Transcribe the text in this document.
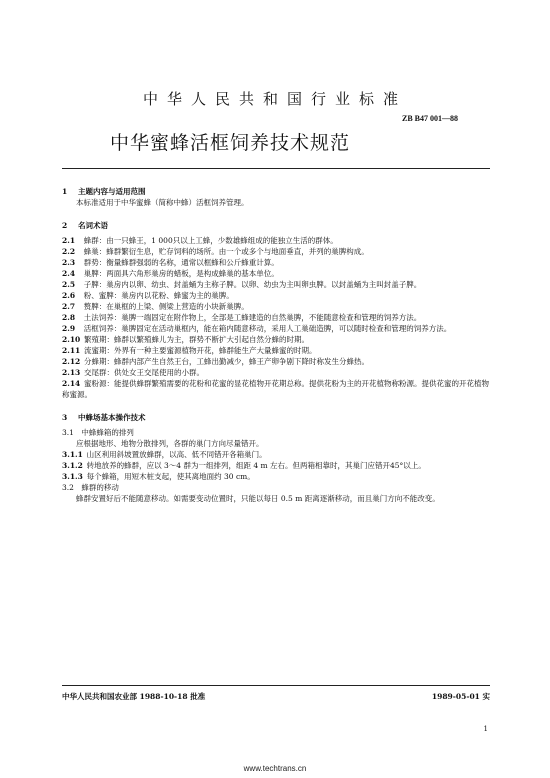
中华人民共和国行业标准
ZB B47 001—88
中华蜜蜂活框饲养技术规范
1 主题内容与适用范围

本标准适用于中华蜜蜂（简称中蜂）活框饲养管理。

2 名词术语

2.1  蜂群：由一只蜂王，1 000只以上工蜂，少数雄蜂组成的能独立生活的群体。

2.2  蜂巢：蜂群繁衍生息，贮存饲料的场所。由一个或多个与地面垂直，并列的巢脾构成。

2.3  群势：衡量蜂群强弱的名称，通常以框蜂和公斤蜂重计算。

2.4  巢脾：两面具六角形巢房的蜡板，是构成蜂巢的基本单位。

2.5  子脾：巢房内以卵、幼虫、封盖蛹为主称子脾。以卵、幼虫为主叫卵虫脾。以封盖蛹为主叫封盖子脾。

2.6  粉、蜜脾：巢房内以花粉、蜂蜜为主的巢脾。

2.7  赘脾：在巢框的上梁、侧梁上营造的小块新巢脾。

2.8  土法饲养：巢脾一端固定在附作物上，全部是工蜂建造的自然巢脾，不能随意检查和管理的饲养方法。

2.9  活框饲养：巢脾固定在活动巢框内，能在箱内随意移动，采用人工巢础造脾，可以随时检查和管理的饲养方法。

2.10  繁殖期：蜂群以繁殖蜂儿为主，群势不断扩大引起自然分蜂的时期。

2.11  流蜜期：外界有一种主要蜜源植物开花，蜂群能生产大量蜂蜜的时期。

2.12  分蜂期：蜂群内部产生自然王台，工蜂出勤减少，蜂王产卵争剧下降时称发生分蜂热。

2.13  交尾群：供处女王交尾使用的小群。

2.14  蜜粉源：能提供蜂群繁殖需要的花粉和花蜜的显花植物开花期总称。提供花粉为主的开花植物称粉源。提供花蜜的开花植物称蜜源。

3 中蜂场基本操作技术

3.1　中蜂蜂箱的排列

应根据地形、地物分散排列，各群的巢门方向尽量错开。

3.1.1  山区利用斜坡置放蜂群，以高、低不同错开各箱巢门。

3.1.2  转地放养的蜂群，应以 3～4 群为一组排列，组距 4 m 左右。但两箱相靠时，其巢门应错开45°以上。

3.1.3  每个蜂箱，用短木桩支起，使其离地面约 30 cm。

3.2　蜂群的移动

蜂群安置好后不能随意移动。如需要变动位置时，只能以每日 0.5 m 距离逐渐移动，而且巢门方向不能改变。

中华人民共和国农业部 1988-10-18 批准	1989-05-01 实
1
www.techtrans.cn
